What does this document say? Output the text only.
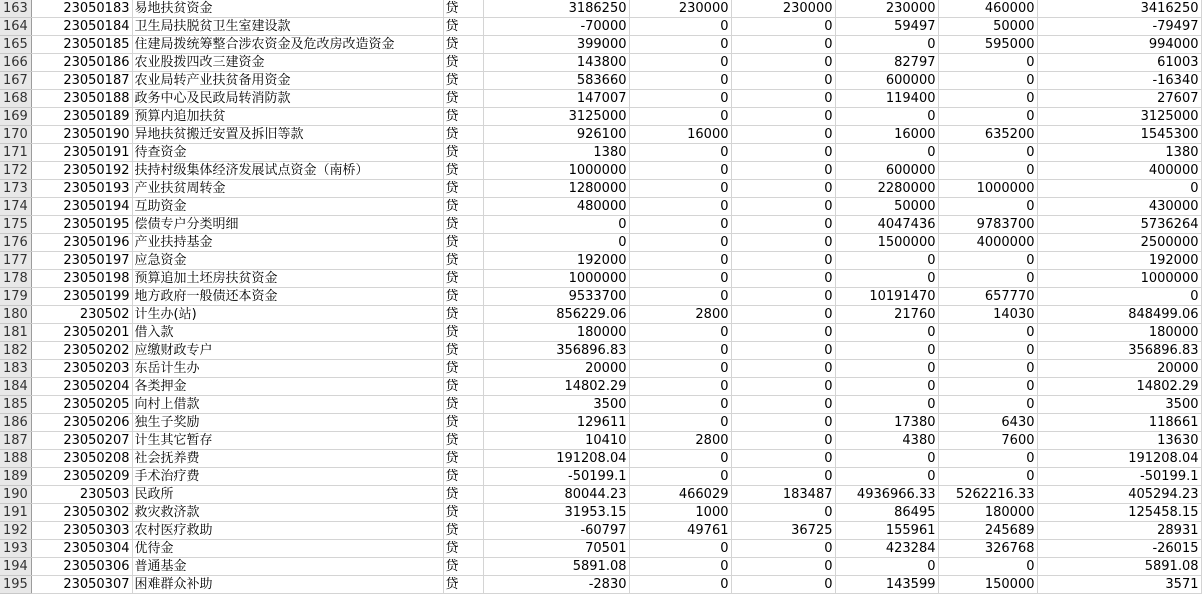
163	23050183	易地扶贫资金	贷	3186250	230000	230000	230000	460000	3416250
164	23050184	卫生局扶脱贫卫生室建设款	贷	-70000	0	0	59497	50000	-79497
165	23050185	住建局拨统筹整合涉农资金及危改房改造资金	贷	399000	0	0	0	595000	994000
166	23050186	农业股拨四改三建资金	贷	143800	0	0	82797	0	61003
167	23050187	农业局转产业扶贫备用资金	贷	583660	0	0	600000	0	-16340
168	23050188	政务中心及民政局转消防款	贷	147007	0	0	119400	0	27607
169	23050189	预算内追加扶贫	贷	3125000	0	0	0	0	3125000
170	23050190	异地扶贫搬迁安置及拆旧等款	贷	926100	16000	0	16000	635200	1545300
171	23050191	待查资金	贷	1380	0	0	0	0	1380
172	23050192	扶持村级集体经济发展试点资金（南桥）	贷	1000000	0	0	600000	0	400000
173	23050193	产业扶贫周转金	贷	1280000	0	0	2280000	1000000	0
174	23050194	互助资金	贷	480000	0	0	50000	0	430000
175	23050195	偿债专户分类明细	贷	0	0	0	4047436	9783700	5736264
176	23050196	产业扶持基金	贷	0	0	0	1500000	4000000	2500000
177	23050197	应急资金	贷	192000	0	0	0	0	192000
178	23050198	预算追加土坯房扶贫资金	贷	1000000	0	0	0	0	1000000
179	23050199	地方政府一般债还本资金	贷	9533700	0	0	10191470	657770	0
180	230502	计生办(站)	贷	856229.06	2800	0	21760	14030	848499.06
181	23050201	借入款	贷	180000	0	0	0	0	180000
182	23050202	应缴财政专户	贷	356896.83	0	0	0	0	356896.83
183	23050203	东岳计生办	贷	20000	0	0	0	0	20000
184	23050204	各类押金	贷	14802.29	0	0	0	0	14802.29
185	23050205	向村上借款	贷	3500	0	0	0	0	3500
186	23050206	独生子奖励	贷	129611	0	0	17380	6430	118661
187	23050207	计生其它暂存	贷	10410	2800	0	4380	7600	13630
188	23050208	社会抚养费	贷	191208.04	0	0	0	0	191208.04
189	23050209	手术治疗费	贷	-50199.1	0	0	0	0	-50199.1
190	230503	民政所	贷	80044.23	466029	183487	4936966.33	5262216.33	405294.23
191	23050302	救灾救济款	贷	31953.15	1000	0	86495	180000	125458.15
192	23050303	农村医疗救助	贷	-60797	49761	36725	155961	245689	28931
193	23050304	优待金	贷	70501	0	0	423284	326768	-26015
194	23050306	普通基金	贷	5891.08	0	0	0	0	5891.08
195	23050307	困难群众补助	贷	-2830	0	0	143599	150000	3571
